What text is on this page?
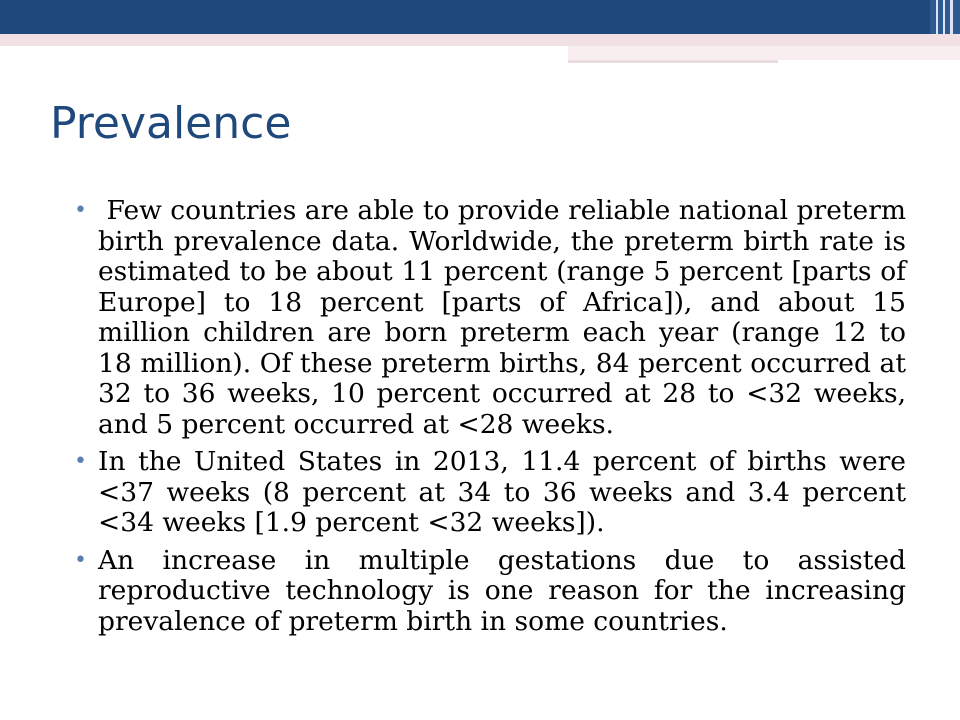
Prevalence
• Few countries are able to provide reliable national preterm birth prevalence data. Worldwide, the preterm birth rate is estimated to be about 11 percent (range 5 percent [parts of Europe] to 18 percent [parts of Africa]), and about 15 million children are born preterm each year (range 12 to 18 million). Of these preterm births, 84 percent occurred at 32 to 36 weeks, 10 percent occurred at 28 to <32 weeks, and 5 percent occurred at <28 weeks.
• In the United States in 2013, 11.4 percent of births were <37 weeks (8 percent at 34 to 36 weeks and 3.4 percent <34 weeks [1.9 percent <32 weeks]).
• An increase in multiple gestations due to assisted reproductive technology is one reason for the increasing prevalence of preterm birth in some countries.
